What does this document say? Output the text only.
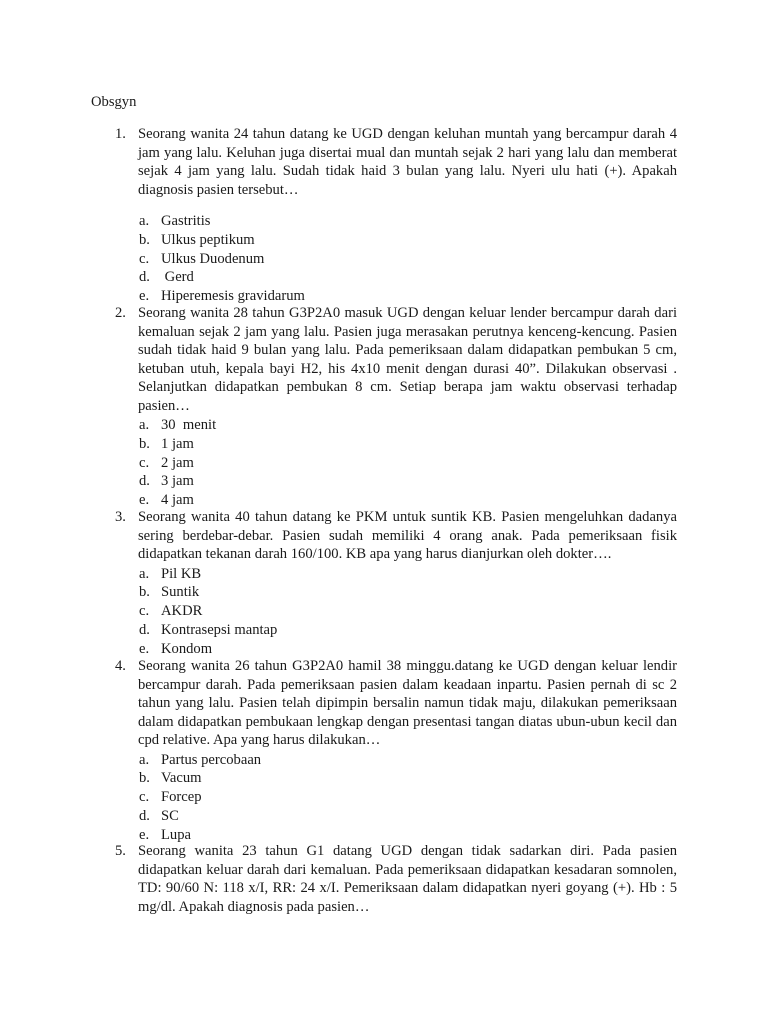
Obsgyn
1. Seorang wanita 24 tahun datang ke UGD dengan keluhan muntah yang bercampur darah 4 jam yang lalu. Keluhan juga disertai mual dan muntah sejak 2 hari yang lalu dan memberat sejak 4 jam yang lalu. Sudah tidak haid 3 bulan yang lalu. Nyeri ulu hati (+). Apakah diagnosis pasien tersebut…
a. Gastritis
b. Ulkus peptikum
c. Ulkus Duodenum
d. Gerd
e. Hiperemesis gravidarum
2. Seorang wanita 28 tahun G3P2A0 masuk UGD dengan keluar lender bercampur darah dari kemaluan sejak 2 jam yang lalu. Pasien juga merasakan perutnya kenceng-kencung. Pasien sudah tidak haid 9 bulan yang lalu. Pada pemeriksaan dalam didapatkan pembukan 5 cm, ketuban utuh, kepala bayi H2, his 4x10 menit dengan durasi 40”. Dilakukan observasi . Selanjutkan didapatkan pembukan 8 cm. Setiap berapa jam waktu observasi terhadap pasien…
a. 30  menit
b. 1 jam
c. 2 jam
d. 3 jam
e. 4 jam
3. Seorang wanita 40 tahun datang ke PKM untuk suntik KB. Pasien mengeluhkan dadanya sering berdebar-debar. Pasien sudah memiliki 4 orang anak. Pada pemeriksaan fisik didapatkan tekanan darah 160/100. KB apa yang harus dianjurkan oleh dokter….
a. Pil KB
b. Suntik
c. AKDR
d. Kontrasepsi mantap
e. Kondom
4. Seorang wanita 26 tahun G3P2A0 hamil 38 minggu.datang ke UGD dengan keluar lendir bercampur darah. Pada pemeriksaan pasien dalam keadaan inpartu. Pasien pernah di sc 2 tahun yang lalu. Pasien telah dipimpin bersalin namun tidak maju, dilakukan pemeriksaan dalam didapatkan pembukaan lengkap dengan presentasi tangan diatas ubun-ubun kecil dan cpd relative. Apa yang harus dilakukan…
a. Partus percobaan
b. Vacum
c. Forcep
d. SC
e. Lupa
5. Seorang wanita 23 tahun G1 datang UGD dengan tidak sadarkan diri. Pada pasien didapatkan keluar darah dari kemaluan. Pada pemeriksaan didapatkan kesadaran somnolen, TD: 90/60 N: 118 x/I, RR: 24 x/I. Pemeriksaan dalam didapatkan nyeri goyang (+). Hb : 5 mg/dl. Apakah diagnosis pada pasien…
